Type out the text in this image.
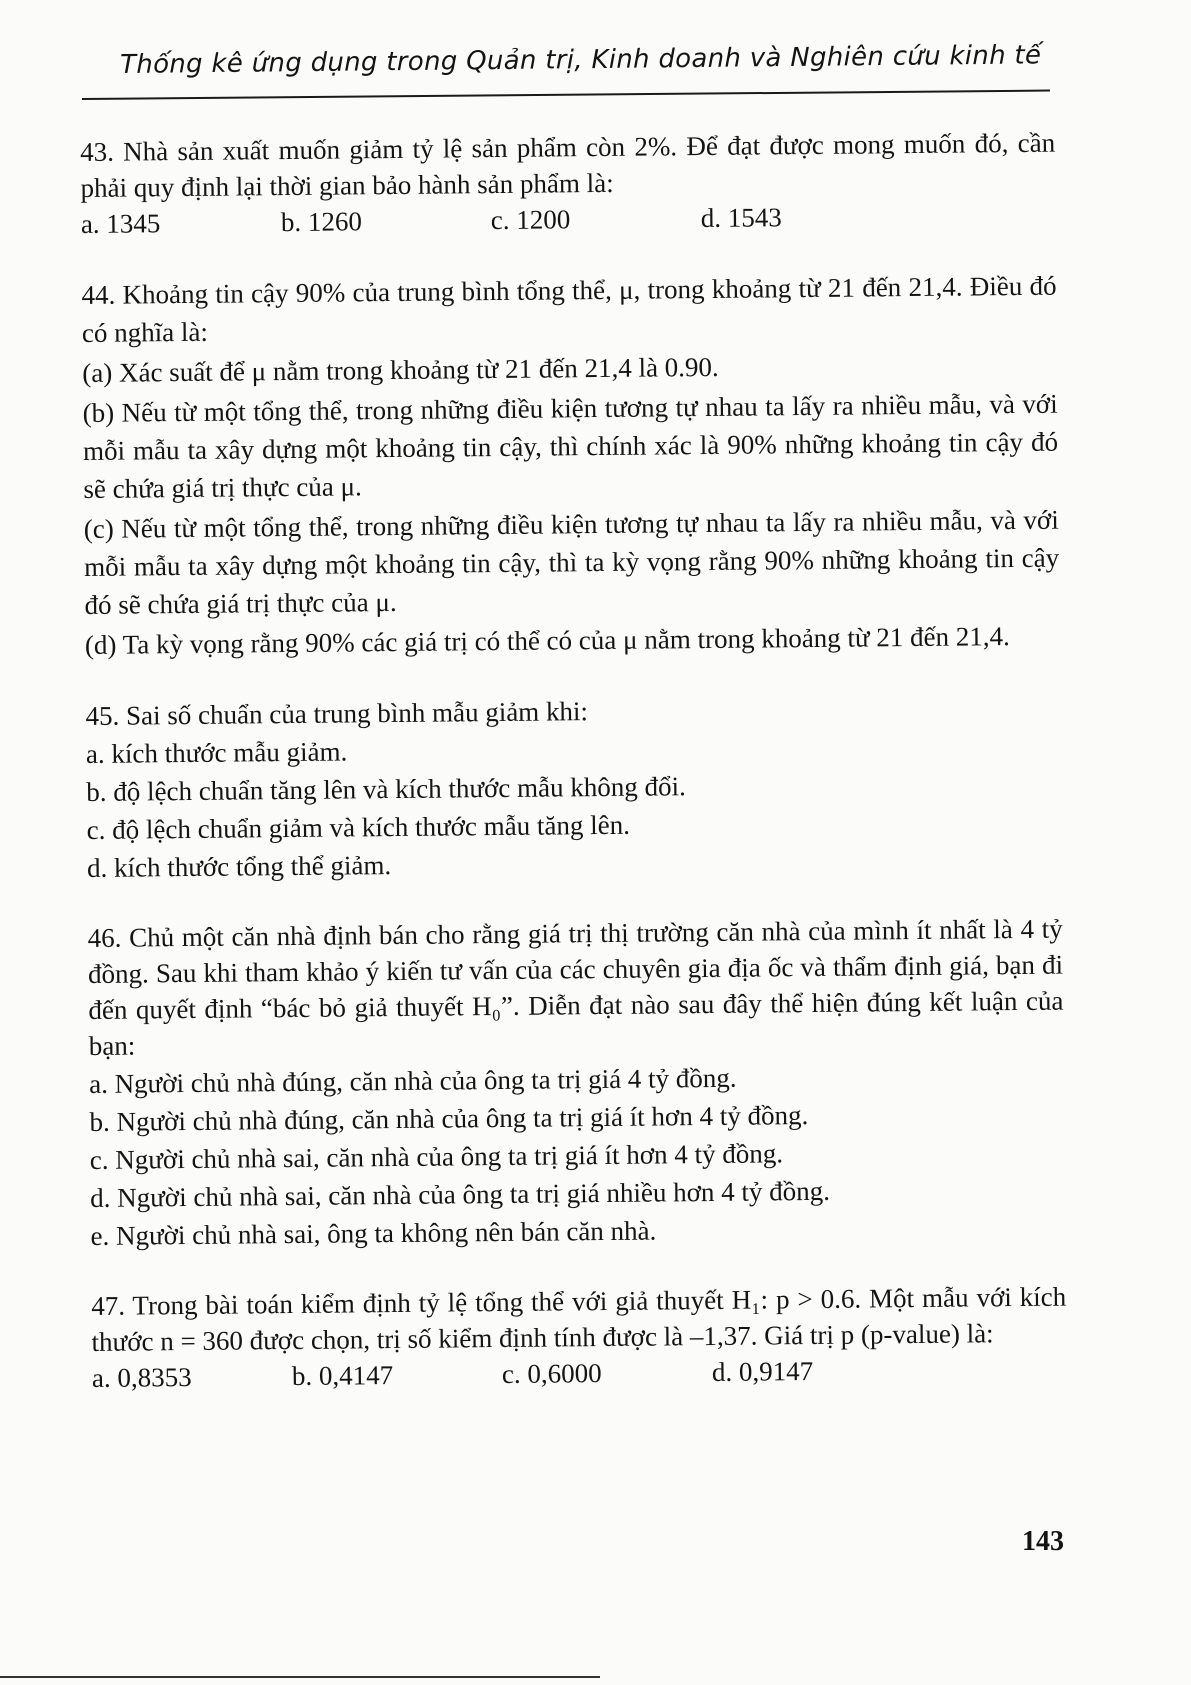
Thống kê ứng dụng trong Quản trị, Kinh doanh và Nghiên cứu kinh tế
43. Nhà sản xuất muốn giảm tỷ lệ sản phẩm còn 2%. Để đạt được mong muốn đó, cần phải quy định lại thời gian bảo hành sản phẩm là:
a. 1345	b. 1260	c. 1200	d. 1543
44. Khoảng tin cậy 90% của trung bình tổng thể, μ, trong khoảng từ 21 đến 21,4. Điều đó có nghĩa là:
(a) Xác suất để μ nằm trong khoảng từ 21 đến 21,4 là 0.90.
(b) Nếu từ một tổng thể, trong những điều kiện tương tự nhau ta lấy ra nhiều mẫu, và với mỗi mẫu ta xây dựng một khoảng tin cậy, thì chính xác là 90% những khoảng tin cậy đó sẽ chứa giá trị thực của μ.
(c) Nếu từ một tổng thể, trong những điều kiện tương tự nhau ta lấy ra nhiều mẫu, và với mỗi mẫu ta xây dựng một khoảng tin cậy, thì ta kỳ vọng rằng 90% những khoảng tin cậy đó sẽ chứa giá trị thực của μ.
(d) Ta kỳ vọng rằng 90% các giá trị có thể có của μ nằm trong khoảng từ 21 đến 21,4.
45. Sai số chuẩn của trung bình mẫu giảm khi:
a. kích thước mẫu giảm.
b. độ lệch chuẩn tăng lên và kích thước mẫu không đổi.
c. độ lệch chuẩn giảm và kích thước mẫu tăng lên.
d. kích thước tổng thể giảm.
46. Chủ một căn nhà định bán cho rằng giá trị thị trường căn nhà của mình ít nhất là 4 tỷ đồng. Sau khi tham khảo ý kiến tư vấn của các chuyên gia địa ốc và thẩm định giá, bạn đi đến quyết định “bác bỏ giả thuyết H₀”. Diễn đạt nào sau đây thể hiện đúng kết luận của bạn:
a. Người chủ nhà đúng, căn nhà của ông ta trị giá 4 tỷ đồng.
b. Người chủ nhà đúng, căn nhà của ông ta trị giá ít hơn 4 tỷ đồng.
c. Người chủ nhà sai, căn nhà của ông ta trị giá ít hơn 4 tỷ đồng.
d. Người chủ nhà sai, căn nhà của ông ta trị giá nhiều hơn 4 tỷ đồng.
e. Người chủ nhà sai, ông ta không nên bán căn nhà.
47. Trong bài toán kiểm định tỷ lệ tổng thể với giả thuyết H₁: p > 0.6. Một mẫu với kích thước n = 360 được chọn, trị số kiểm định tính được là –1,37. Giá trị p (p-value) là:
a. 0,8353	b. 0,4147	c. 0,6000	d. 0,9147
143
